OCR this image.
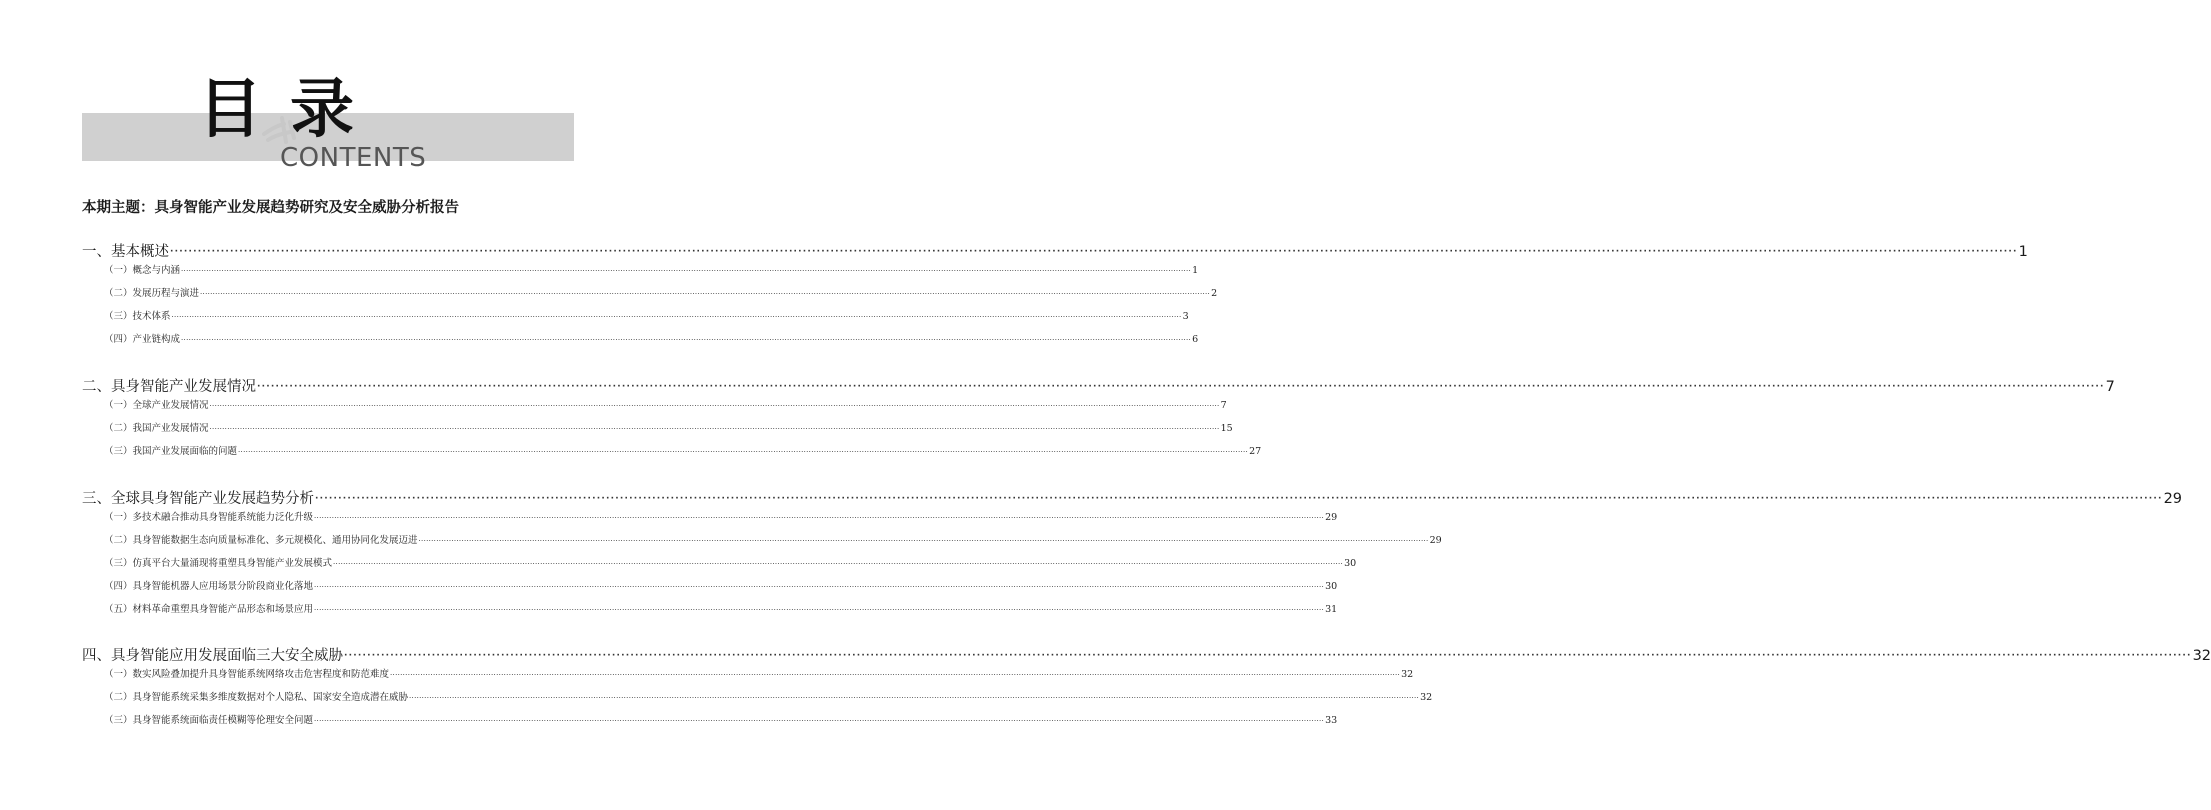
目录
CONTENTS
本期主题：具身智能产业发展趋势研究及安全威胁分析报告
一、基本概述 ················································································································································································································································································································································································································ 1
（一）概念与内涵 ················································································································································································································································································································································································································ 1
（二）发展历程与演进 ················································································································································································································································································································································································································ 2
（三）技术体系 ················································································································································································································································································································································································································ 3
（四）产业链构成 ················································································································································································································································································································································································································ 6
二、具身智能产业发展情况 ················································································································································································································································································································································································································ 7
（一）全球产业发展情况 ················································································································································································································································································································································································································ 7
（二）我国产业发展情况 ················································································································································································································································································································································································································ 15
（三）我国产业发展面临的问题 ················································································································································································································································································································································································································ 27
三、全球具身智能产业发展趋势分析 ················································································································································································································································································································································································································ 29
（一）多技术融合推动具身智能系统能力泛化升级 ················································································································································································································································································································································································································ 29
（二）具身智能数据生态向质量标准化、多元规模化、通用协同化发展迈进 ················································································································································································································································································································································································································ 29
（三）仿真平台大量涌现将重塑具身智能产业发展模式 ················································································································································································································································································································································································································ 30
（四）具身智能机器人应用场景分阶段商业化落地 ················································································································································································································································································································································································································ 30
（五）材料革命重塑具身智能产品形态和场景应用 ················································································································································································································································································································································································································ 31
四、具身智能应用发展面临三大安全威胁 ················································································································································································································································································································································································································ 32
（一）数实风险叠加提升具身智能系统网络攻击危害程度和防范难度 ················································································································································································································································································································································································································ 32
（二）具身智能系统采集多维度数据对个人隐私、国家安全造成潜在威胁 ················································································································································································································································································································································································································ 32
（三）具身智能系统面临责任模糊等伦理安全问题 ················································································································································································································································································································································································································ 33
